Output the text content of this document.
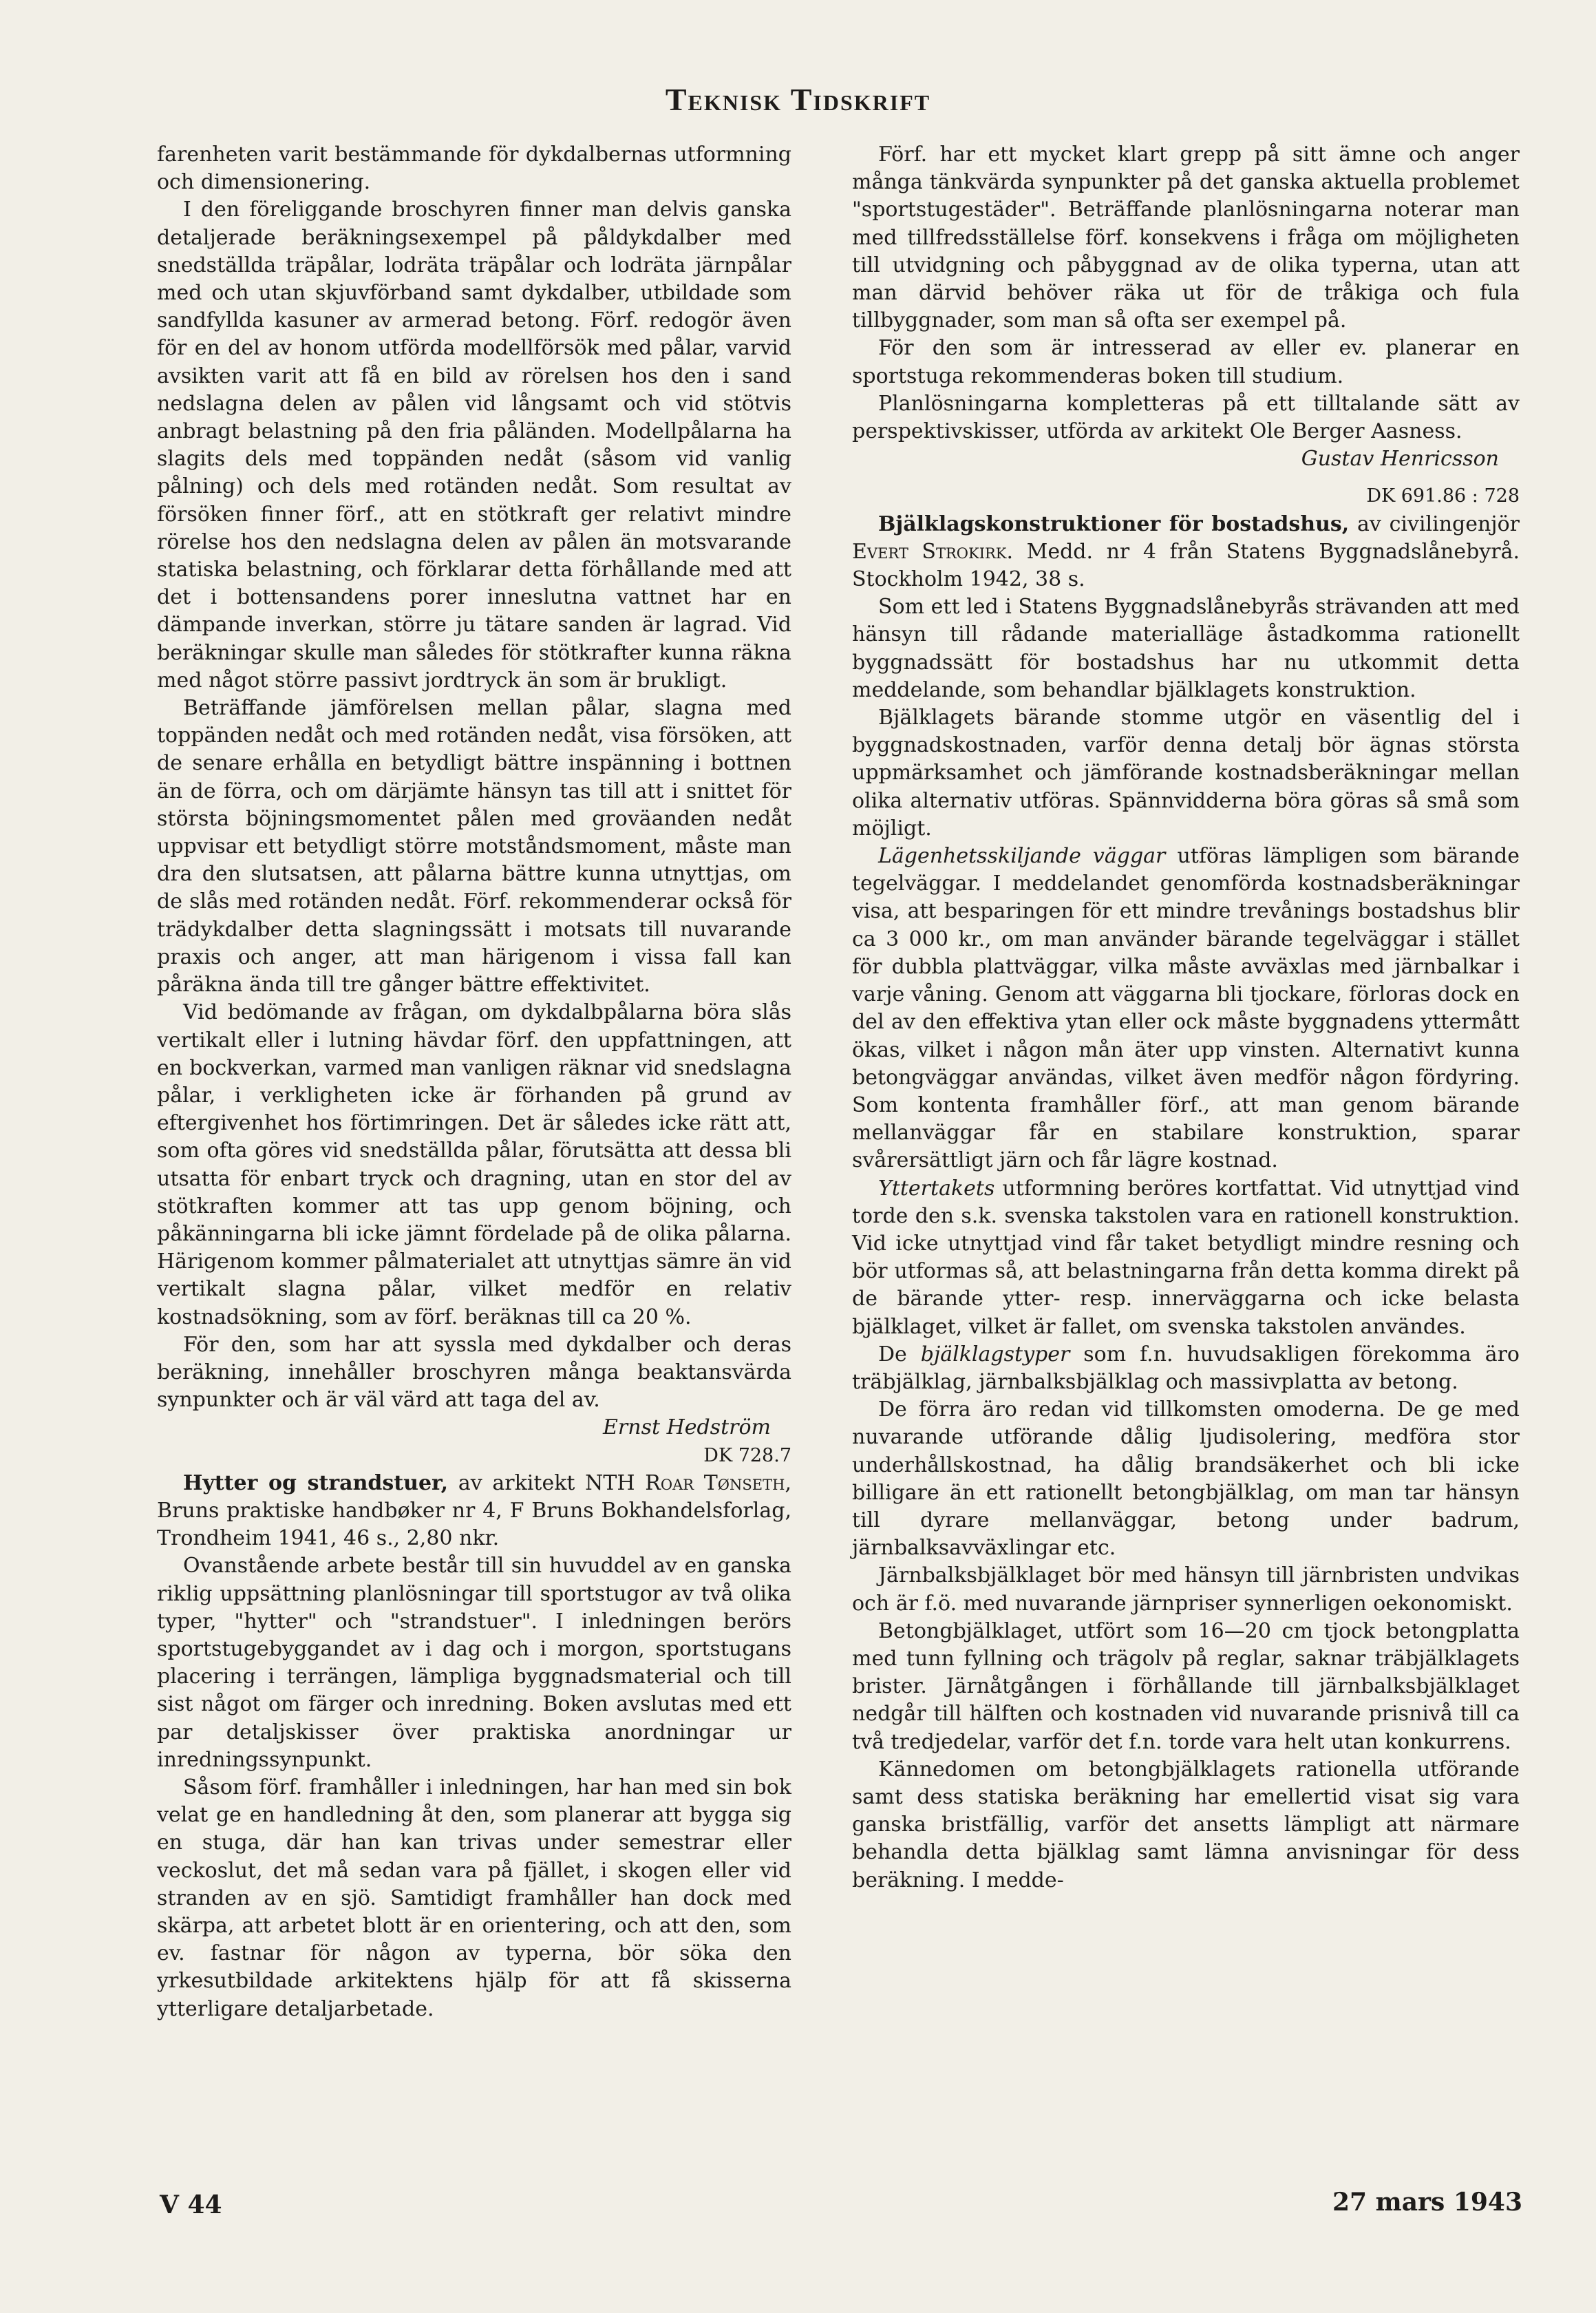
Teknisk Tidskrift

farenheten varit bestämmande för dykdalbernas utformning och dimensionering.

I den föreliggande broschyren finner man delvis ganska detaljerade beräkningsexempel på påldykdalber med snedställda träpålar, lodräta träpålar och lodräta järnpålar med och utan skjuvförband samt dykdalber, utbildade som sandfyllda kasuner av armerad betong. Förf. redogör även för en del av honom utförda modellförsök med pålar, varvid avsikten varit att få en bild av rörelsen hos den i sand nedslagna delen av pålen vid långsamt och vid stötvis anbragt belastning på den fria påländen. Modellpålarna ha slagits dels med toppänden nedåt (såsom vid vanlig pålning) och dels med rotänden nedåt. Som resultat av försöken finner förf., att en stötkraft ger relativt mindre rörelse hos den nedslagna delen av pålen än motsvarande statiska belastning, och förklarar detta förhållande med att det i bottensandens porer inneslutna vattnet har en dämpande inverkan, större ju tätare sanden är lagrad. Vid beräkningar skulle man således för stötkrafter kunna räkna med något större passivt jordtryck än som är brukligt.

Beträffande jämförelsen mellan pålar, slagna med toppänden nedåt och med rotänden nedåt, visa försöken, att de senare erhålla en betydligt bättre inspänning i bottnen än de förra, och om därjämte hänsyn tas till att i snittet för största böjningsmomentet pålen med groväanden nedåt uppvisar ett betydligt större motståndsmoment, måste man dra den slutsatsen, att pålarna bättre kunna utnyttjas, om de slås med rotänden nedåt. Förf. rekommenderar också för trädykdalber detta slagningssätt i motsats till nuvarande praxis och anger, att man härigenom i vissa fall kan påräkna ända till tre gånger bättre effektivitet.

Vid bedömande av frågan, om dykdalbpålarna böra slås vertikalt eller i lutning hävdar förf. den uppfattningen, att en bockverkan, varmed man vanligen räknar vid snedslagna pålar, i verkligheten icke är förhanden på grund av eftergivenhet hos förtimringen. Det är således icke rätt att, som ofta göres vid snedställda pålar, förutsätta att dessa bli utsatta för enbart tryck och dragning, utan en stor del av stötkraften kommer att tas upp genom böjning, och påkänningarna bli icke jämnt fördelade på de olika pålarna. Härigenom kommer pålmaterialet att utnyttjas sämre än vid vertikalt slagna pålar, vilket medför en relativ kostnadsökning, som av förf. beräknas till ca 20 %.

För den, som har att syssla med dykdalber och deras beräkning, innehåller broschyren många beaktansvärda synpunkter och är väl värd att taga del av.

Ernst Hedström

DK 728.7

Hytter og strandstuer, av arkitekt NTH Roar Tønseth, Bruns praktiske handbøker nr 4, F Bruns Bokhandelsforlag, Trondheim 1941, 46 s., 2,80 nkr.

Ovanstående arbete består till sin huvuddel av en ganska riklig uppsättning planlösningar till sportstugor av två olika typer, "hytter" och "strandstuer". I inledningen berörs sportstugebyggandet av i dag och i morgon, sportstugans placering i terrängen, lämpliga byggnadsmaterial och till sist något om färger och inredning. Boken avslutas med ett par detaljskisser över praktiska anordningar ur inredningssynpunkt.

Såsom förf. framhåller i inledningen, har han med sin bok velat ge en handledning åt den, som planerar att bygga sig en stuga, där han kan trivas under semestrar eller veckoslut, det må sedan vara på fjället, i skogen eller vid stranden av en sjö. Samtidigt framhåller han dock med skärpa, att arbetet blott är en orientering, och att den, som ev. fastnar för någon av typerna, bör söka den yrkesutbildade arkitektens hjälp för att få skisserna ytterligare detaljarbetade.

Förf. har ett mycket klart grepp på sitt ämne och anger många tänkvärda synpunkter på det ganska aktuella problemet "sportstugestäder". Beträffande planlösningarna noterar man med tillfredsställelse förf. konsekvens i fråga om möjligheten till utvidgning och påbyggnad av de olika typerna, utan att man därvid behöver räka ut för de tråkiga och fula tillbyggnader, som man så ofta ser exempel på.

För den som är intresserad av eller ev. planerar en sportstuga rekommenderas boken till studium.

Planlösningarna kompletteras på ett tilltalande sätt av perspektivskisser, utförda av arkitekt Ole Berger Aasness.

Gustav Henricsson

DK 691.86 : 728

Bjälklagskonstruktioner för bostadshus, av civilingenjör Evert Strokirk. Medd. nr 4 från Statens Byggnadslånebyrå. Stockholm 1942, 38 s.

Som ett led i Statens Byggnadslånebyrås strävanden att med hänsyn till rådande materialläge åstadkomma rationellt byggnadssätt för bostadshus har nu utkommit detta meddelande, som behandlar bjälklagets konstruktion.

Bjälklagets bärande stomme utgör en väsentlig del i byggnadskostnaden, varför denna detalj bör ägnas största uppmärksamhet och jämförande kostnadsberäkningar mellan olika alternativ utföras. Spännvidderna böra göras så små som möjligt.

Lägenhetsskiljande väggar utföras lämpligen som bärande tegelväggar. I meddelandet genomförda kostnadsberäkningar visa, att besparingen för ett mindre trevånings bostadshus blir ca 3 000 kr., om man använder bärande tegelväggar i stället för dubbla plattväggar, vilka måste avväxlas med järnbalkar i varje våning. Genom att väggarna bli tjockare, förloras dock en del av den effektiva ytan eller ock måste byggnadens yttermått ökas, vilket i någon mån äter upp vinsten. Alternativt kunna betongväggar användas, vilket även medför någon fördyring. Som kontenta framhåller förf., att man genom bärande mellanväggar får en stabilare konstruktion, sparar svårersättligt järn och får lägre kostnad.

Yttertakets utformning beröres kortfattat. Vid utnyttjad vind torde den s.k. svenska takstolen vara en rationell konstruktion. Vid icke utnyttjad vind får taket betydligt mindre resning och bör utformas så, att belastningarna från detta komma direkt på de bärande ytter- resp. innerväggarna och icke belasta bjälklaget, vilket är fallet, om svenska takstolen användes.

De bjälklagstyper som f.n. huvudsakligen förekomma äro träbjälklag, järnbalksbjälklag och massivplatta av betong.

De förra äro redan vid tillkomsten omoderna. De ge med nuvarande utförande dålig ljudisolering, medföra stor underhållskostnad, ha dålig brandsäkerhet och bli icke billigare än ett rationellt betongbjälklag, om man tar hänsyn till dyrare mellanväggar, betong under badrum, järnbalksavväxlingar etc.

Järnbalksbjälklaget bör med hänsyn till järnbristen undvikas och är f.ö. med nuvarande järnpriser synnerligen oekonomiskt.

Betongbjälklaget, utfört som 16—20 cm tjock betongplatta med tunn fyllning och trägolv på reglar, saknar träbjälklagets brister. Järnåtgången i förhållande till järnbalksbjälklaget nedgår till hälften och kostnaden vid nuvarande prisnivå till ca två tredjedelar, varför det f.n. torde vara helt utan konkurrens.

Kännedomen om betongbjälklagets rationella utförande samt dess statiska beräkning har emellertid visat sig vara ganska bristfällig, varför det ansetts lämpligt att närmare behandla detta bjälklag samt lämna anvisningar för dess beräkning. I medde-

V 44	27 mars 1943
